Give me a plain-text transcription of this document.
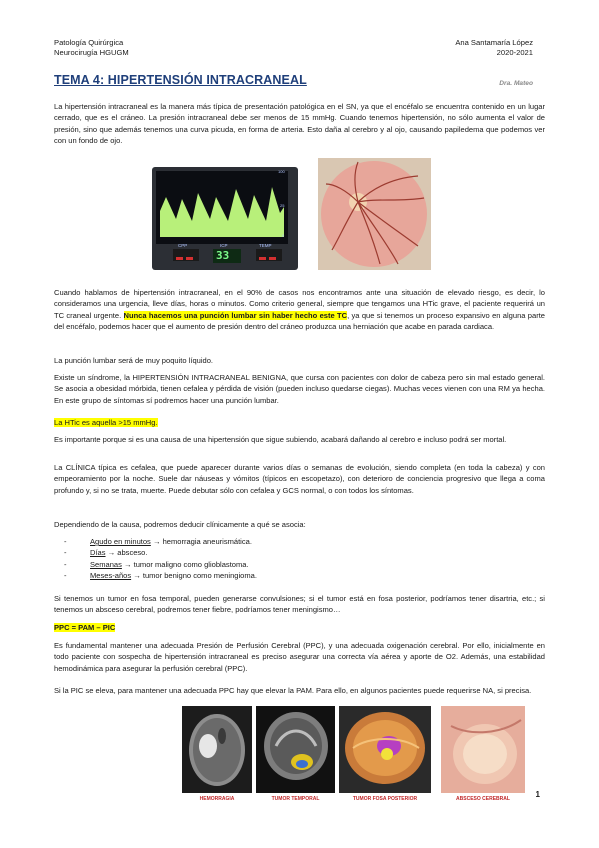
Patología Quirúrgica
Neurocirugía HGUGM
Ana Santamaría López
2020-2021
TEMA 4: HIPERTENSIÓN INTRACRANEAL	Dra. Mateo
La hipertensión intracraneal es la manera más típica de presentación patológica en el SN, ya que el encéfalo se encuentra contenido en un lugar cerrado, que es el cráneo. La presión intracraneal debe ser menos de 15 mmHg. Cuando tenemos hipertensión, no sólo aumenta el valor de presión, sino que además tenemos una curva picuda, en forma de arteria. Esto daña al cerebro y al ojo, causando papiledema que podemos ver con un fondo de ojo.
100
25
0
CPP	ICP	TEMP
33
Cuando hablamos de hipertensión intracraneal, en el 90% de casos nos encontramos ante una situación de elevado riesgo, es decir, lo consideramos una urgencia, lleve días, horas o minutos. Como criterio general, siempre que tengamos una HTic grave, el paciente requerirá un TC craneal urgente. Nunca hacemos una punción lumbar sin haber hecho este TC, ya que si tenemos un proceso expansivo en alguna parte del encéfalo, podemos hacer que el aumento de presión dentro del cráneo produzca una herniación que acabe en parada cardiaca.
La punción lumbar será de muy poquito líquido.
Existe un síndrome, la HIPERTENSIÓN INTRACRANEAL BENIGNA, que cursa con pacientes con dolor de cabeza pero sin mal estado general. Se asocia a obesidad mórbida, tienen cefalea y pérdida de visión (pueden incluso quedarse ciegas). Muchas veces vienen con una RM ya hecha. En este grupo de síntomas sí podremos hacer una punción lumbar.
La HTic es aquella >15 mmHg.
Es importante porque si es una causa de una hipertensión que sigue subiendo, acabará dañando al cerebro e incluso podrá ser mortal.
La CLÍNICA típica es cefalea, que puede aparecer durante varios días o semanas de evolución, siendo completa (en toda la cabeza) y con empeoramiento por la noche. Suele dar náuseas y vómitos (típicos en escopetazo), con deterioro de conciencia progresivo que llega a coma profundo y, si no se trata, muerte. Puede debutar sólo con cefalea y GCS normal, o con todos los síntomas.
Dependiendo de la causa, podremos deducir clínicamente a qué se asocia:
-	Agudo en minutos → hemorragia aneurismática.
-	Días → absceso.
-	Semanas → tumor maligno como glioblastoma.
-	Meses-años → tumor benigno como meningioma.
Si tenemos un tumor en fosa temporal, pueden generarse convulsiones; si el tumor está en fosa posterior, podríamos tener disartria, etc.; si tenemos un absceso cerebral, podremos tener fiebre, podríamos tener meningismo…
PPC = PAM – PIC
Es fundamental mantener una adecuada Presión de Perfusión Cerebral (PPC), y una adecuada oxigenación cerebral. Por ello, inicialmente en todo paciente con sospecha de hipertensión intracraneal es preciso asegurar una correcta vía aérea y aporte de O2. Además, una estabilidad hemodinámica para asegurar la perfusión cerebral (PPC).
Si la PIC se eleva, para mantener una adecuada PPC hay que elevar la PAM. Para ello, en algunos pacientes puede requerirse NA, si precisa.
HEMORRAGIA	TUMOR TEMPORAL	TUMOR FOSA POSTERIOR	ABSCESO CEREBRAL	1
